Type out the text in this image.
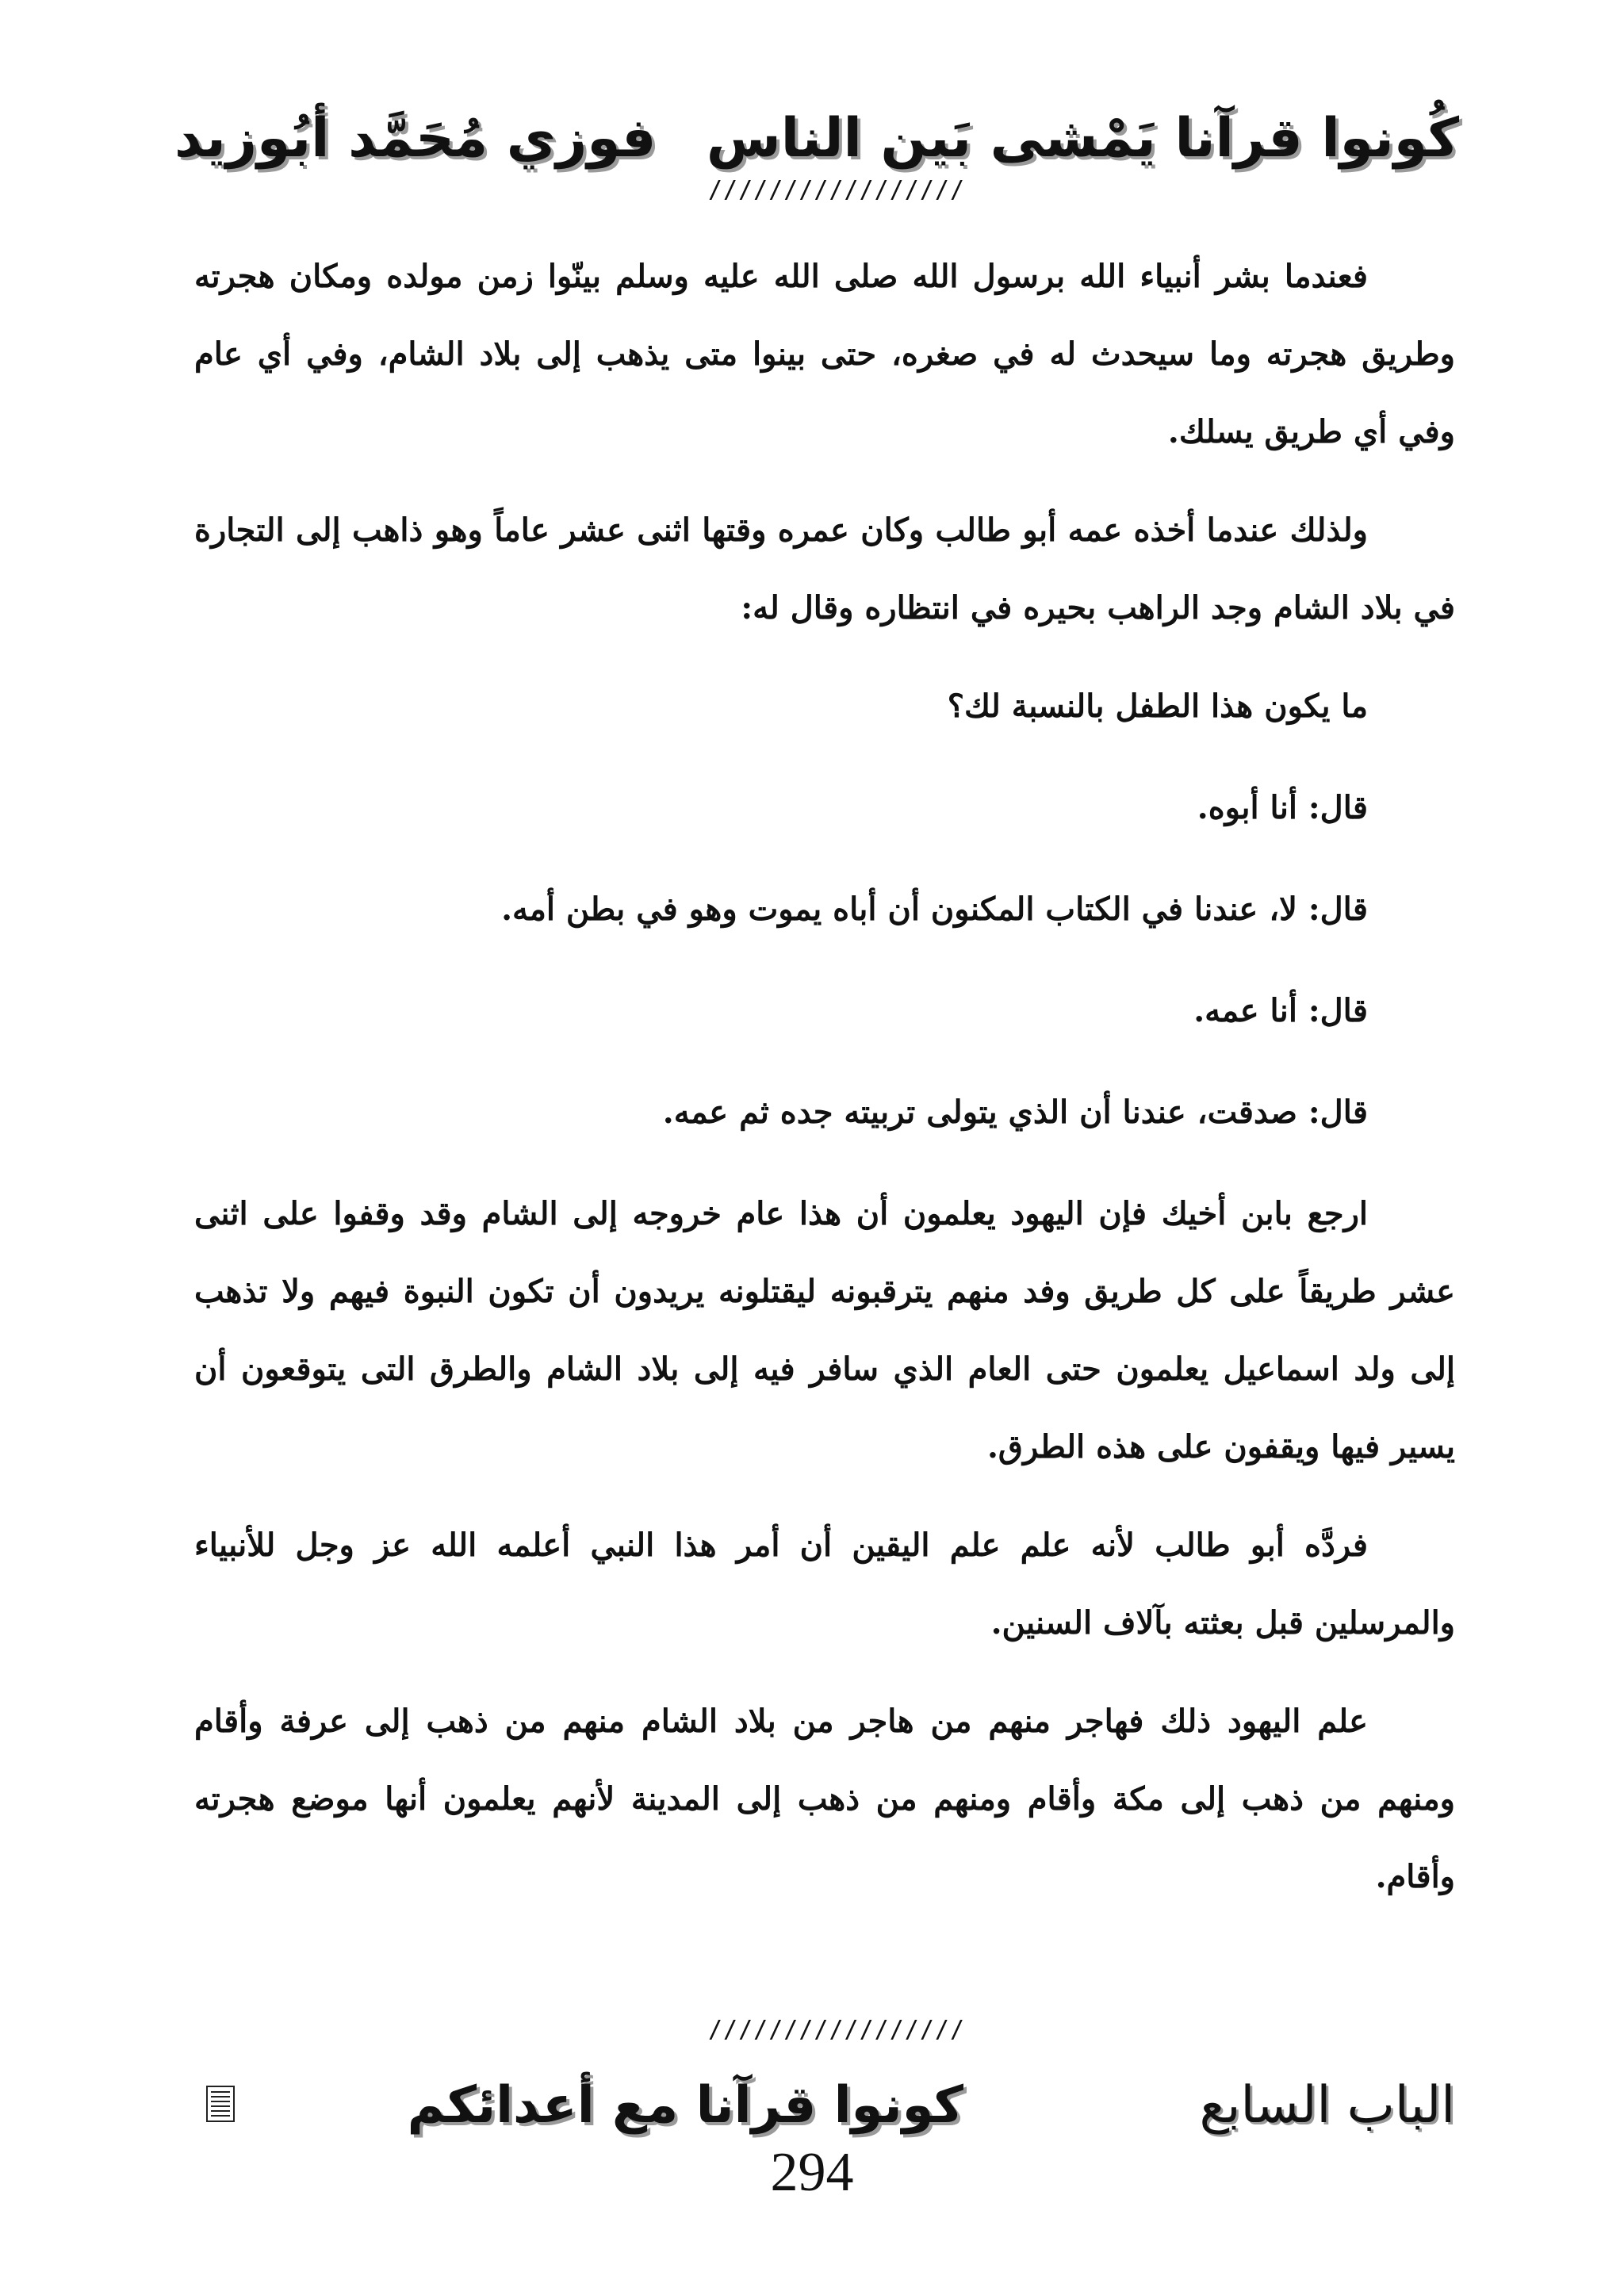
كُونوا قرآنا يَمْشى بَين الناس
فوزي مُحَمَّد أبُوزيد
/////////////////

فعندما بشر أنبياء الله برسول الله صلى الله عليه وسلم بينّوا زمن مولده ومكان هجرته وطريق هجرته وما سيحدث له في صغره، حتى بينوا متى يذهب إلى بلاد الشام، وفي أي عام وفي أي طريق يسلك.

ولذلك عندما أخذه عمه أبو طالب وكان عمره وقتها اثنى عشر عاماً وهو ذاهب إلى التجارة في بلاد الشام وجد الراهب بحيره في انتظاره وقال له:

ما يكون هذا الطفل بالنسبة لك؟

قال: أنا أبوه.

قال: لا، عندنا في الكتاب المكنون أن أباه يموت وهو في بطن أمه.

قال: أنا عمه.

قال: صدقت، عندنا أن الذي يتولى تربيته جده ثم عمه.

ارجع بابن أخيك فإن اليهود يعلمون أن هذا عام خروجه إلى الشام وقد وقفوا على اثنى عشر طريقاً على كل طريق وفد منهم يترقبونه ليقتلونه يريدون أن تكون النبوة فيهم ولا تذهب إلى ولد اسماعيل يعلمون حتى العام الذي سافر فيه إلى بلاد الشام والطرق التى يتوقعون أن يسير فيها ويقفون على هذه الطرق.

فردَّه أبو طالب لأنه علم علم اليقين أن أمر هذا النبي أعلمه الله عز وجل للأنبياء والمرسلين قبل بعثته بآلاف السنين.

علم اليهود ذلك فهاجر منهم من هاجر من بلاد الشام منهم من ذهب إلى عرفة وأقام ومنهم من ذهب إلى مكة وأقام ومنهم من ذهب إلى المدينة لأنهم يعلمون أنها موضع هجرته وأقام.

/////////////////
الباب السابع
كونوا قرآنا مع أعدائكم
294
